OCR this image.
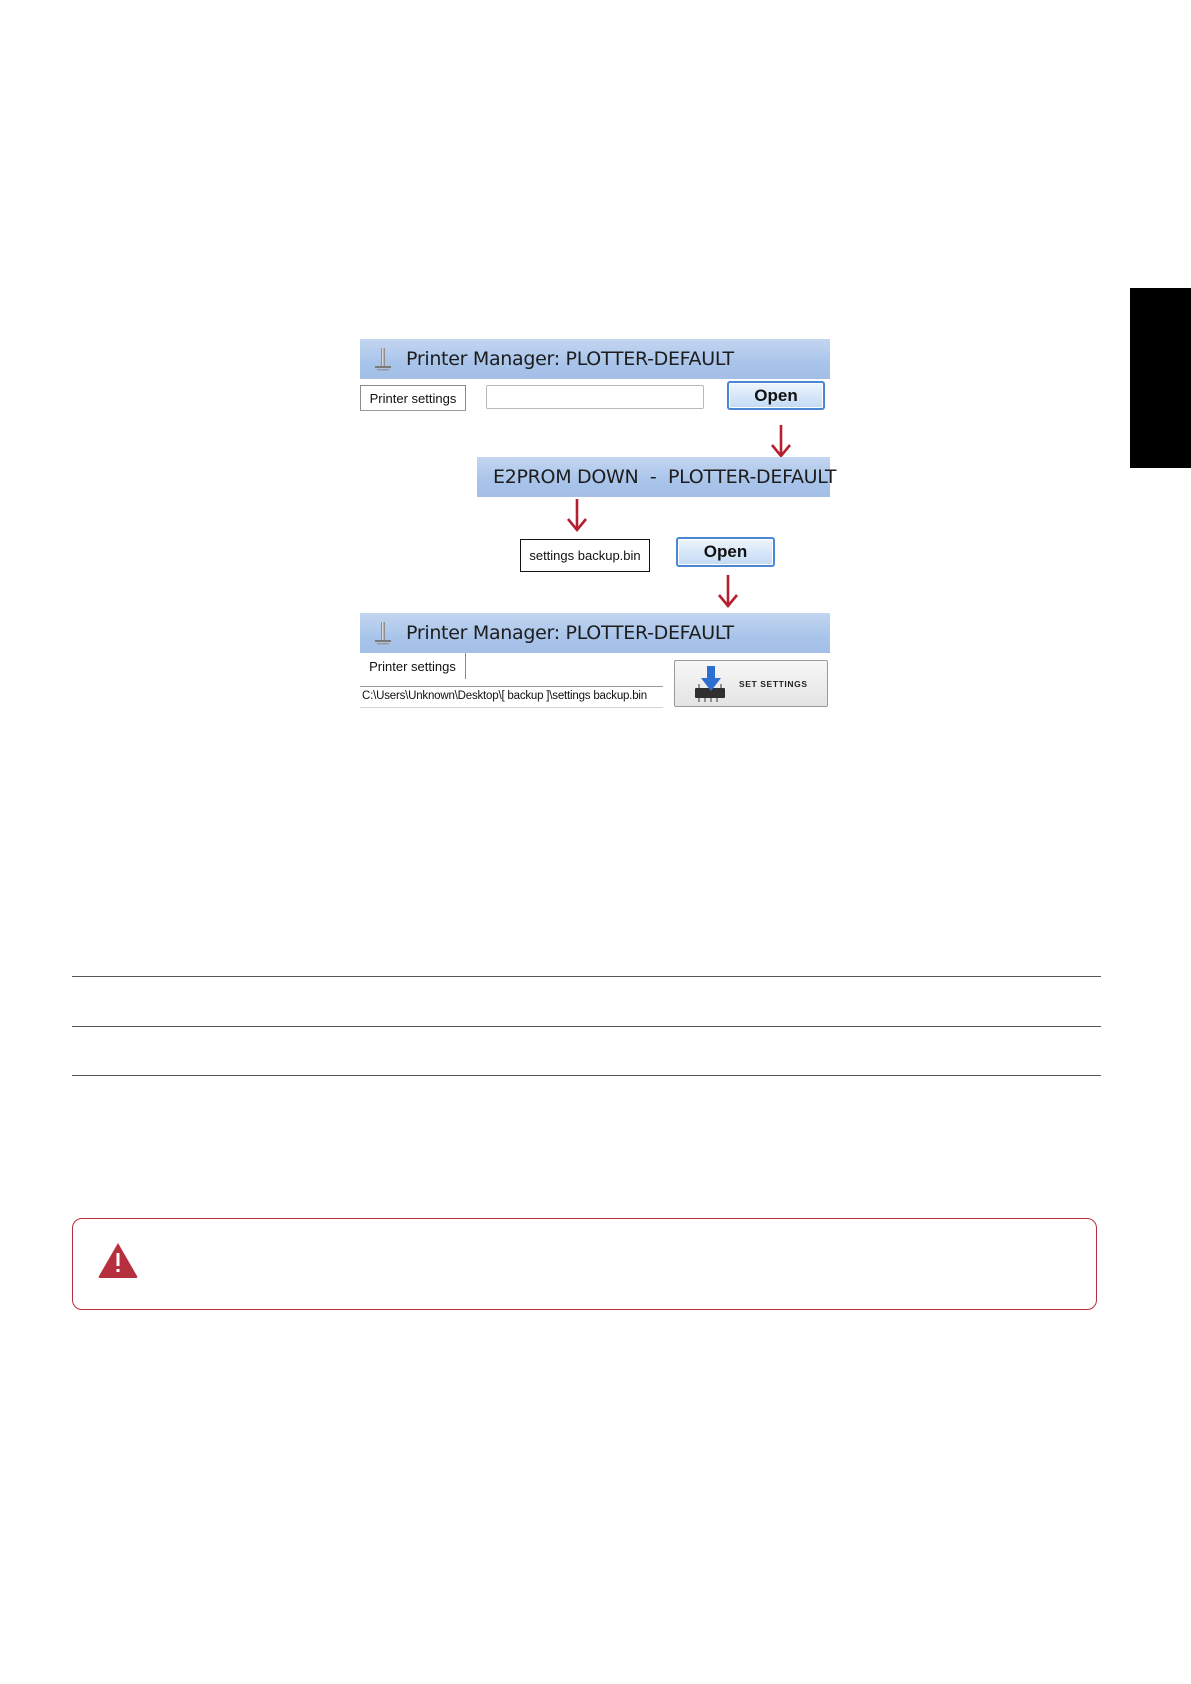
Printer Manager: PLOTTER-DEFAULT
Printer settings	Open
E2PROM DOWN  -  PLOTTER-DEFAULT
settings backup.bin	Open
Printer Manager: PLOTTER-DEFAULT
Printer settings
C:\Users\Unknown\Desktop\[ backup ]\settings backup.bin
SET SETTINGS
